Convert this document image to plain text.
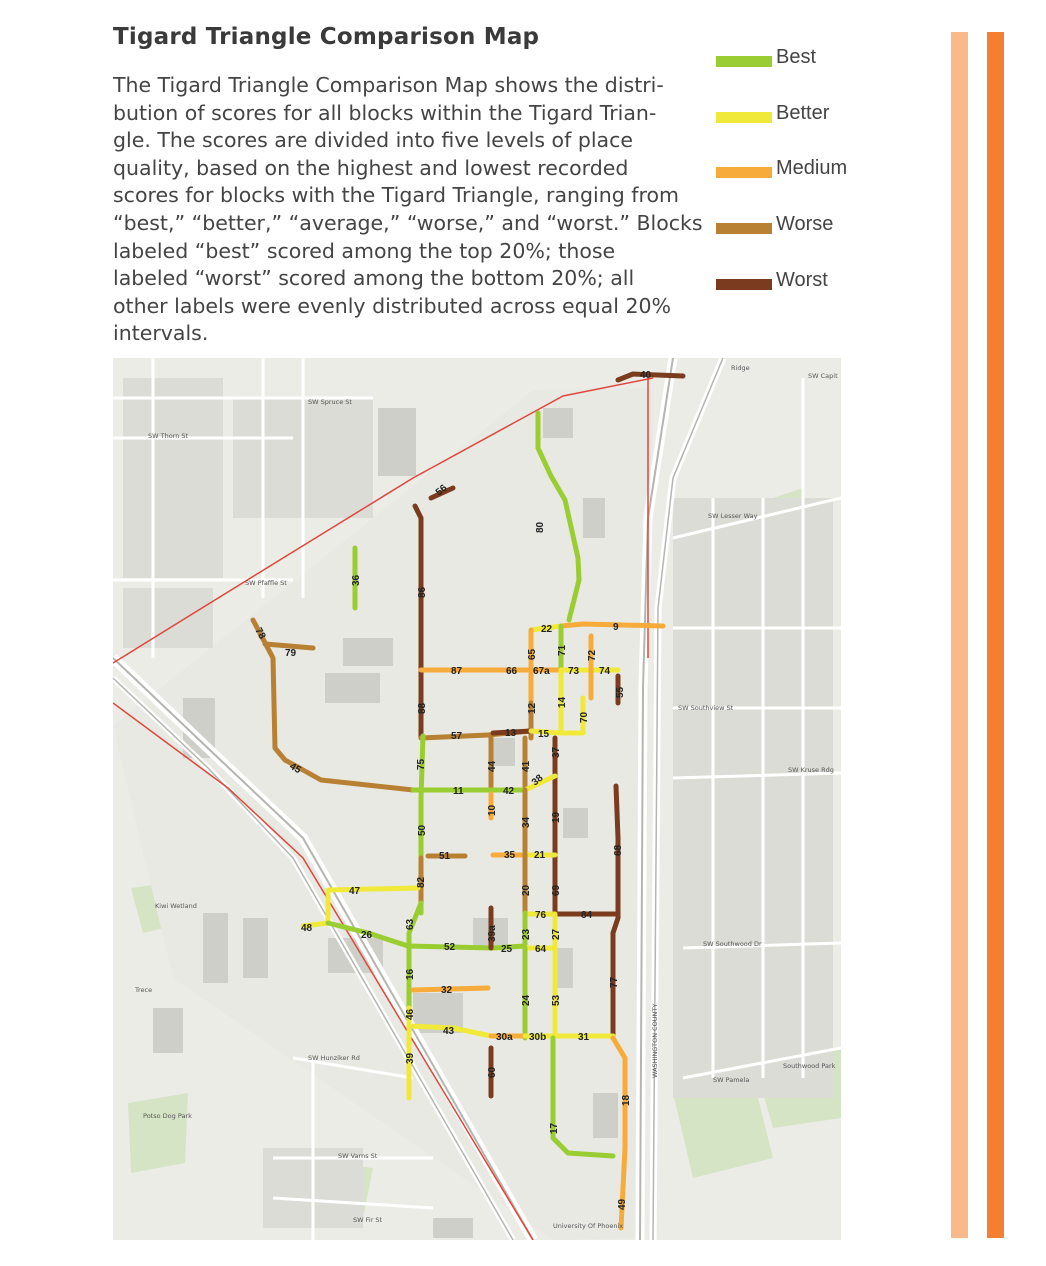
Tigard Triangle Comparison Map
The Tigard Triangle Comparison Map shows the distri-
bution of scores for all blocks within the Tigard Trian-
gle. The scores are divided into five levels of place
quality, based on the highest and lowest recorded
scores for blocks with the Tigard Triangle, ranging from
“best,” “better,” “average,” “worse,” and “worst.” Blocks
labeled “best” scored among the top 20%; those
labeled “worst” scored among the bottom 20%; all
other labels were evenly distributed across equal 20%
intervals.
Best
Better
Medium
Worse
Worst
40
56
80
36
86
9
22
78
79
87	66
65
67a
71
73
72
74
55
88	12
14
70
57	13 15
45	75	44 41
37
11	42
38
10
50
34 19
51	35 21	68
82
47	20 69
76	84
48
26
63
52
39a 23
25 64
27
77
16
32
24 53
46
43
30a 30b	31
39
60
18
17
49
SW Spruce St
SW Thorn St
SW Pfaffle St
SW Southview St
SW Kruse Rdg
SW Southwood Dr
SW Hunziker Rd
SW Varns St
SW Fir St
SW Pamela
SW Lesser Way
SW Capit
Ridge
Potso Dog Park
Southwood Park
University Of Phoenix
WASHINGTON COUNTY
Trece
Kiwi Wetland
